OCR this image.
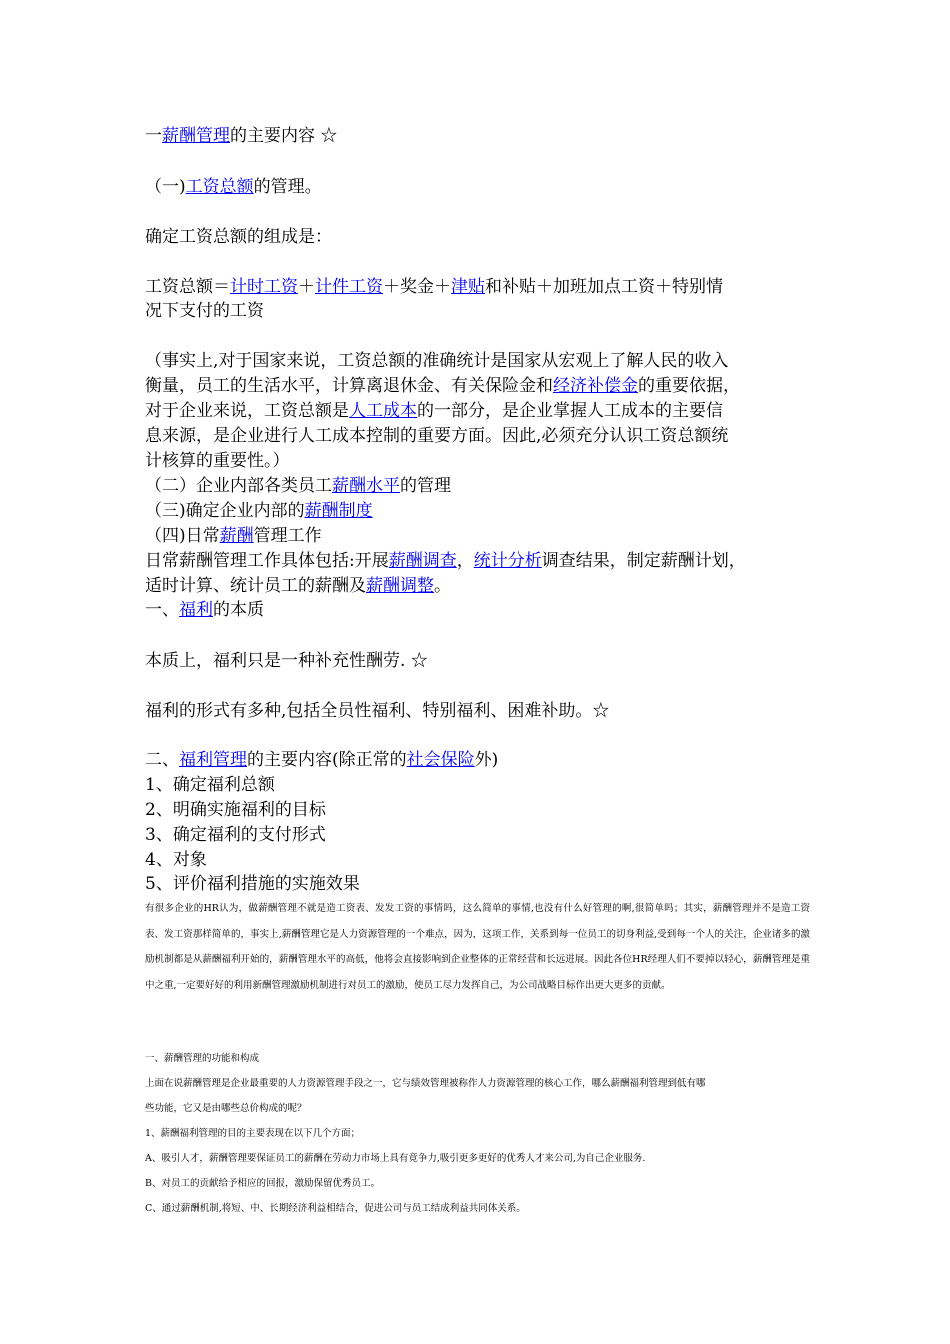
一薪酬管理的主要内容 ☆
（一)工资总额的管理。
确定工资总额的组成是：
工资总额＝计时工资＋计件工资＋奖金＋津贴和补贴＋加班加点工资＋特别情
况下支付的工资
（事实上,对于国家来说，工资总额的准确统计是国家从宏观上了解人民的收入
衡量，员工的生活水平，计算离退休金、有关保险金和经济补偿金的重要依据，
对于企业来说，工资总额是人工成本的一部分，是企业掌握人工成本的主要信
息来源，是企业进行人工成本控制的重要方面。因此,必须充分认识工资总额统
计核算的重要性。）
（二）企业内部各类员工薪酬水平的管理
（三)确定企业内部的薪酬制度
（四)日常薪酬管理工作
日常薪酬管理工作具体包括:开展薪酬调查，统计分析调查结果，制定薪酬计划，
适时计算、统计员工的薪酬及薪酬调整。
一、福利的本质
本质上，福利只是一种补充性酬劳. ☆
福利的形式有多种,包括全员性福利、特别福利、困难补助。☆
二、福利管理的主要内容(除正常的社会保险外)
1、确定福利总额
2、明确实施福利的目标
3、确定福利的支付形式
4、对象
5、评价福利措施的实施效果
有很多企业的HR认为，做薪酬管理不就是造工资表、发发工资的事情吗，这么简单的事情,也没有什么好管理的啊,很简单吗；其实，薪酬管理并不是造工资表、发工资那样简单的，事实上,薪酬管理它是人力资源管理的一个难点，因为，这项工作，关系到每一位员工的切身利益,受到每一个人的关注，企业诸多的激励机制都是从薪酬福利开始的，薪酬管理水平的高低，他将会直接影响到企业整体的正常经营和长远进展。因此各位HR经理人们不要掉以轻心，薪酬管理是重中之重,一定要好好的利用新酬管理激励机制进行对员工的激励，使员工尽力发挥自己，为公司战略目标作出更大更多的贡献。
一、薪酬管理的功能和构成
上面在说薪酬管理是企业最重要的人力资源管理手段之一，它与绩效管理被称作人力资源管理的核心工作，哪么薪酬福利管理到低有哪
些功能，它又是由哪些总价构成的呢？
1、薪酬福利管理的目的主要表现在以下几个方面；
A、吸引人才，薪酬管理要保证员工的薪酬在劳动力市场上具有竟争力,吸引更多更好的优秀人才来公司,为自己企业服务.
B、对员工的贡献给予相应的回报，激励保留优秀员工。
C、通过薪酬机制,将短、中、长期经济利益相结合，促进公司与员工结成利益共同体关系。
